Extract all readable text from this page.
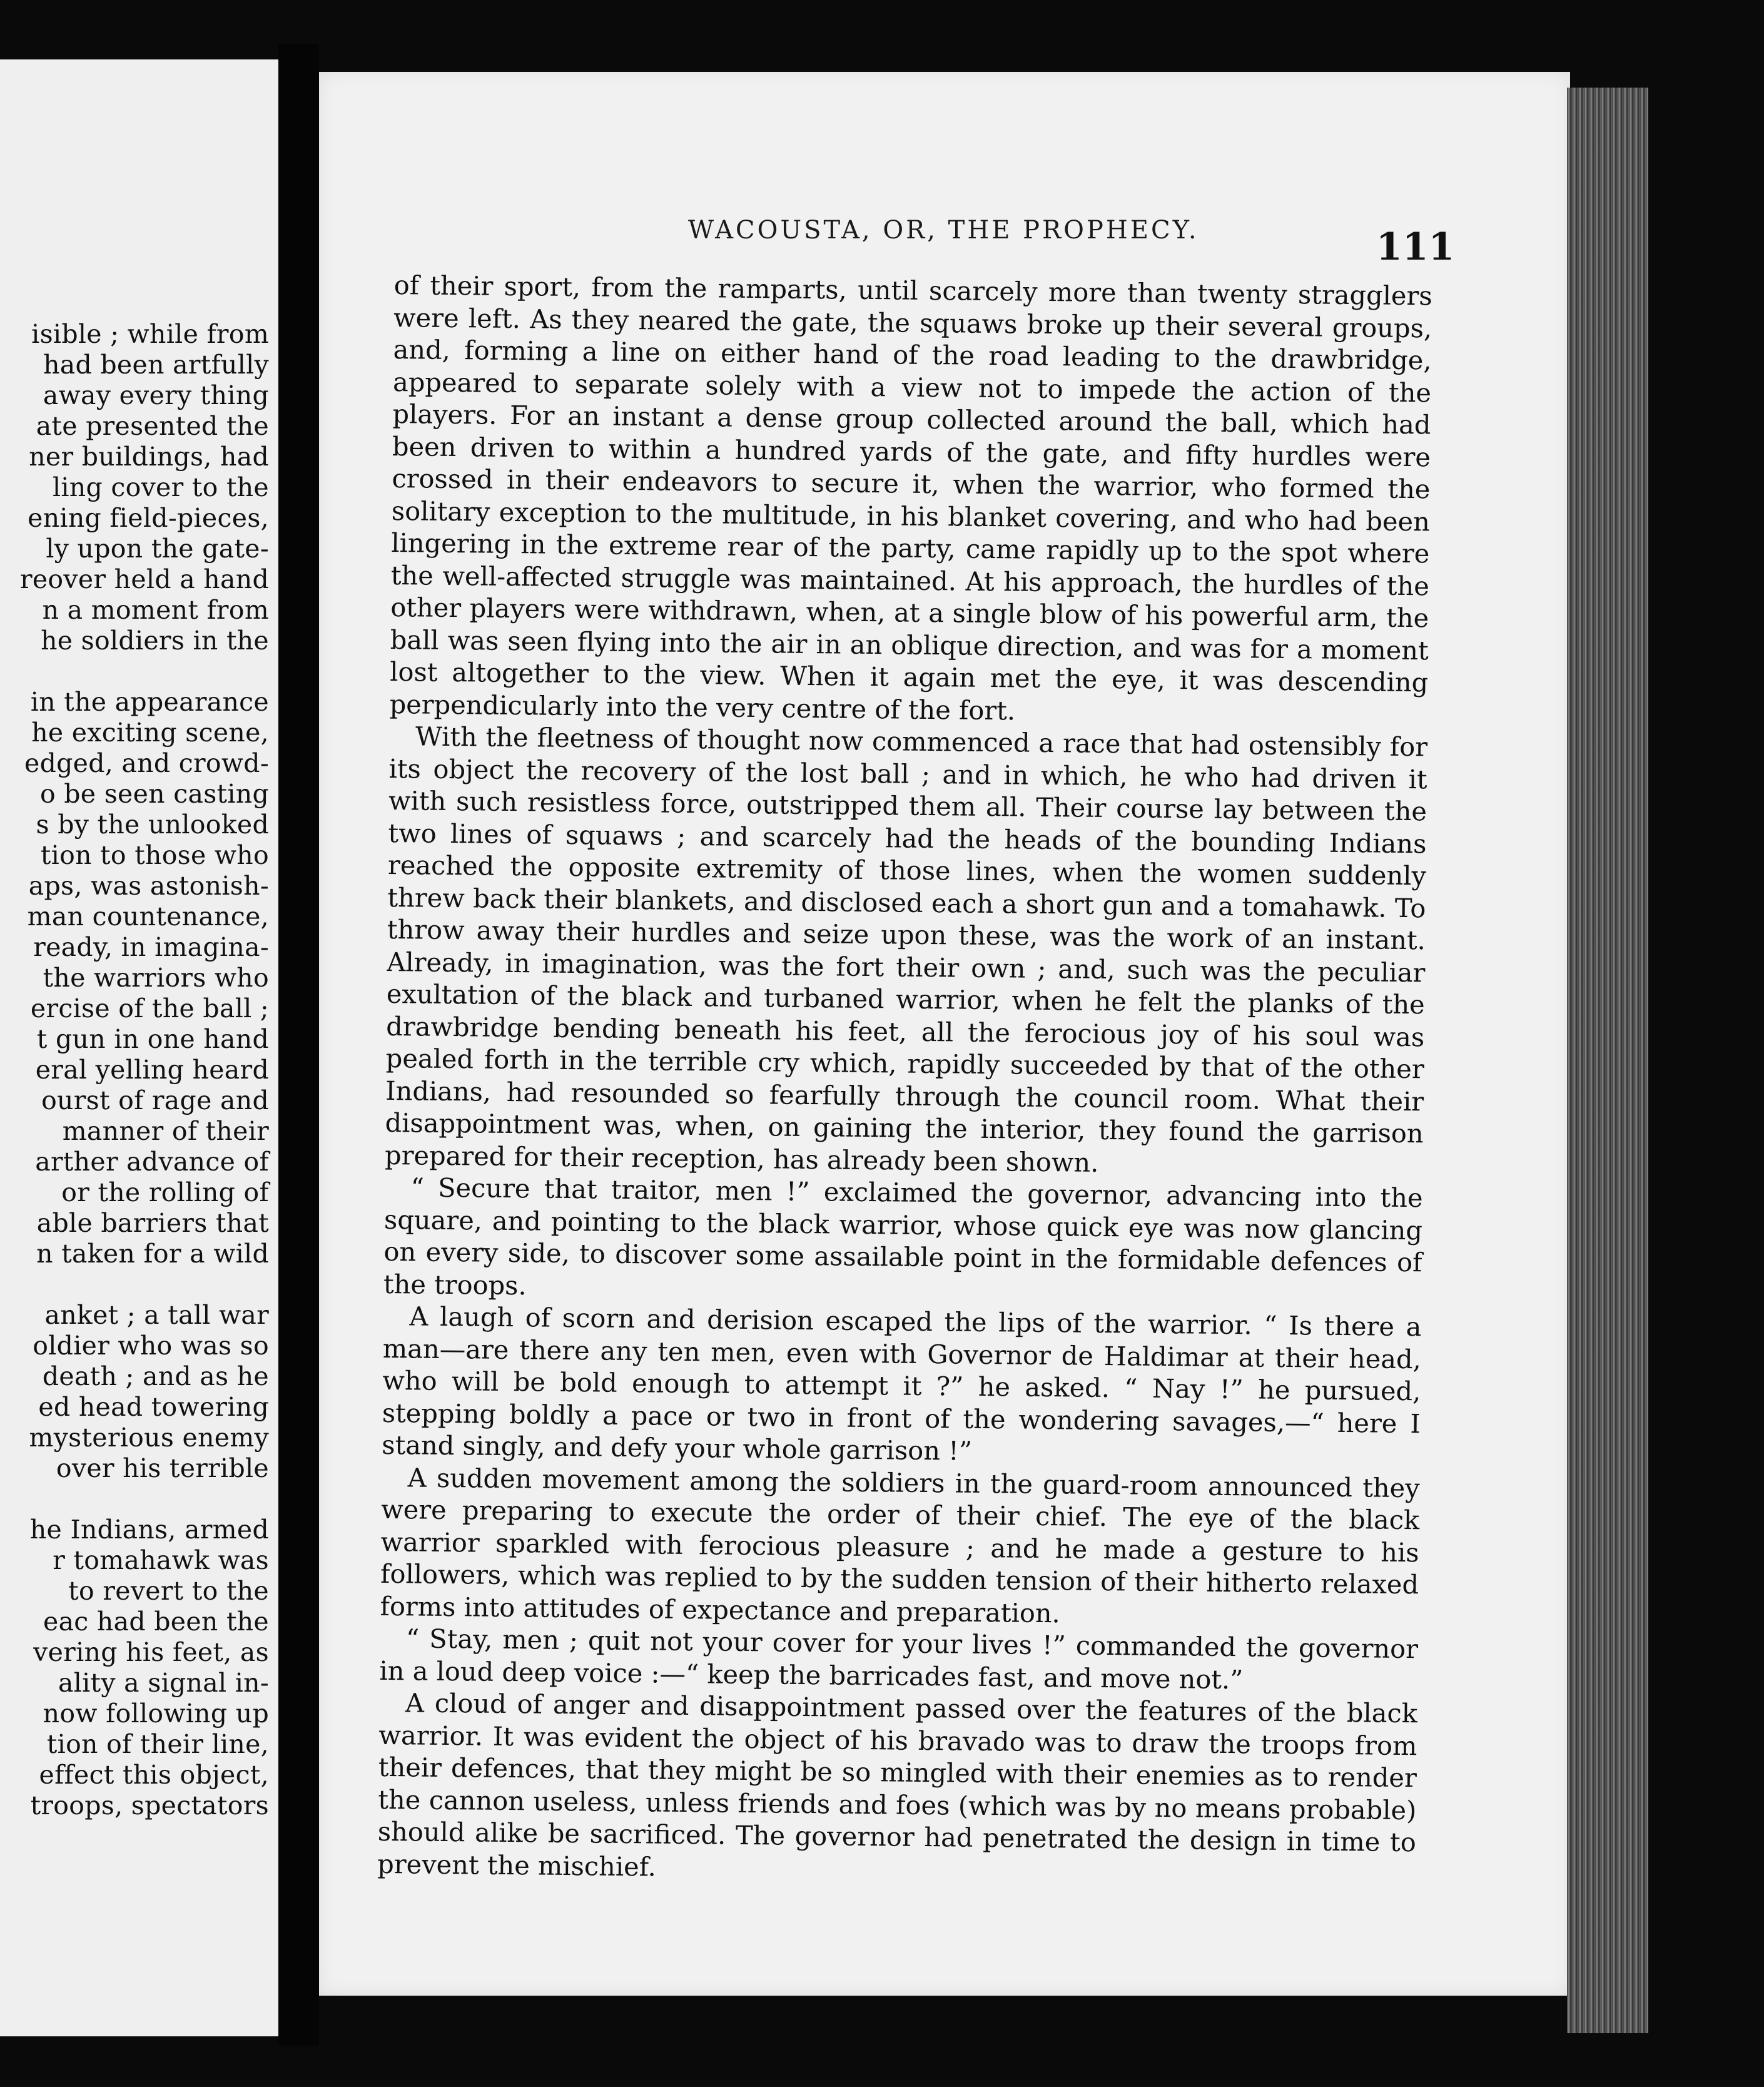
isible ; while from
had been artfully
away every thing
ate presented the
ner buildings, had
ling cover to the
ening field-pieces,
ly upon the gate-
reover held a hand
n a moment from
he soldiers in the
in the appearance
he exciting scene,
edged, and crowd-
o be seen casting
s by the unlooked
tion to those who
aps, was astonish-
man countenance,
ready, in imagina-
the warriors who
ercise of the ball ;
t gun in one hand
eral yelling heard
ourst of rage and
manner of their
arther advance of
or the rolling of
able barriers that
n taken for a wild
anket ; a tall war
oldier who was so
death ; and as he
ed head towering
mysterious enemy
over his terrible
he Indians, armed
r tomahawk was
to revert to the
eac had been the
vering his feet, as
ality a signal in-
now following up
tion of their line,
effect this object,
troops, spectators
WACOUSTA, OR, THE PROPHECY.	111

of their sport, from the ramparts, until scarcely more than twenty stragglers were left. As they neared the gate, the squaws broke up their several groups, and, forming a line on either hand of the road leading to the drawbridge, appeared to separate solely with a view not to impede the action of the players. For an instant a dense group collected around the ball, which had been driven to within a hundred yards of the gate, and fifty hurdles were crossed in their endeavors to secure it, when the warrior, who formed the solitary exception to the multitude, in his blanket covering, and who had been lingering in the extreme rear of the party, came rapidly up to the spot where the well-affected struggle was maintained. At his approach, the hurdles of the other players were withdrawn, when, at a single blow of his powerful arm, the ball was seen flying into the air in an oblique direction, and was for a moment lost altogether to the view. When it again met the eye, it was descending perpendicularly into the very centre of the fort.

With the fleetness of thought now commenced a race that had ostensibly for its object the recovery of the lost ball ; and in which, he who had driven it with such resistless force, outstripped them all. Their course lay between the two lines of squaws ; and scarcely had the heads of the bounding Indians reached the opposite extremity of those lines, when the women suddenly threw back their blankets, and disclosed each a short gun and a tomahawk. To throw away their hurdles and seize upon these, was the work of an instant. Already, in imagination, was the fort their own ; and, such was the peculiar exultation of the black and turbaned warrior, when he felt the planks of the drawbridge bending beneath his feet, all the ferocious joy of his soul was pealed forth in the terrible cry which, rapidly succeeded by that of the other Indians, had resounded so fearfully through the council room. What their disappointment was, when, on gaining the interior, they found the garrison prepared for their reception, has already been shown.

“ Secure that traitor, men !” exclaimed the governor, advancing into the square, and pointing to the black warrior, whose quick eye was now glancing on every side, to discover some assailable point in the formidable defences of the troops.

A laugh of scorn and derision escaped the lips of the warrior. “ Is there a man—are there any ten men, even with Governor de Haldimar at their head, who will be bold enough to attempt it ?” he asked. “ Nay !” he pursued, stepping boldly a pace or two in front of the wondering savages,—“ here I stand singly, and defy your whole garrison !”

A sudden movement among the soldiers in the guard-room announced they were preparing to execute the order of their chief. The eye of the black warrior sparkled with ferocious pleasure ; and he made a gesture to his followers, which was replied to by the sudden tension of their hitherto relaxed forms into attitudes of expectance and preparation.

“ Stay, men ; quit not your cover for your lives !” commanded the governor in a loud deep voice :—“ keep the barricades fast, and move not.”

A cloud of anger and disappointment passed over the features of the black warrior. It was evident the object of his bravado was to draw the troops from their defences, that they might be so mingled with their enemies as to render the cannon useless, unless friends and foes (which was by no means probable) should alike be sacrificed. The governor had penetrated the design in time to prevent the mischief.
